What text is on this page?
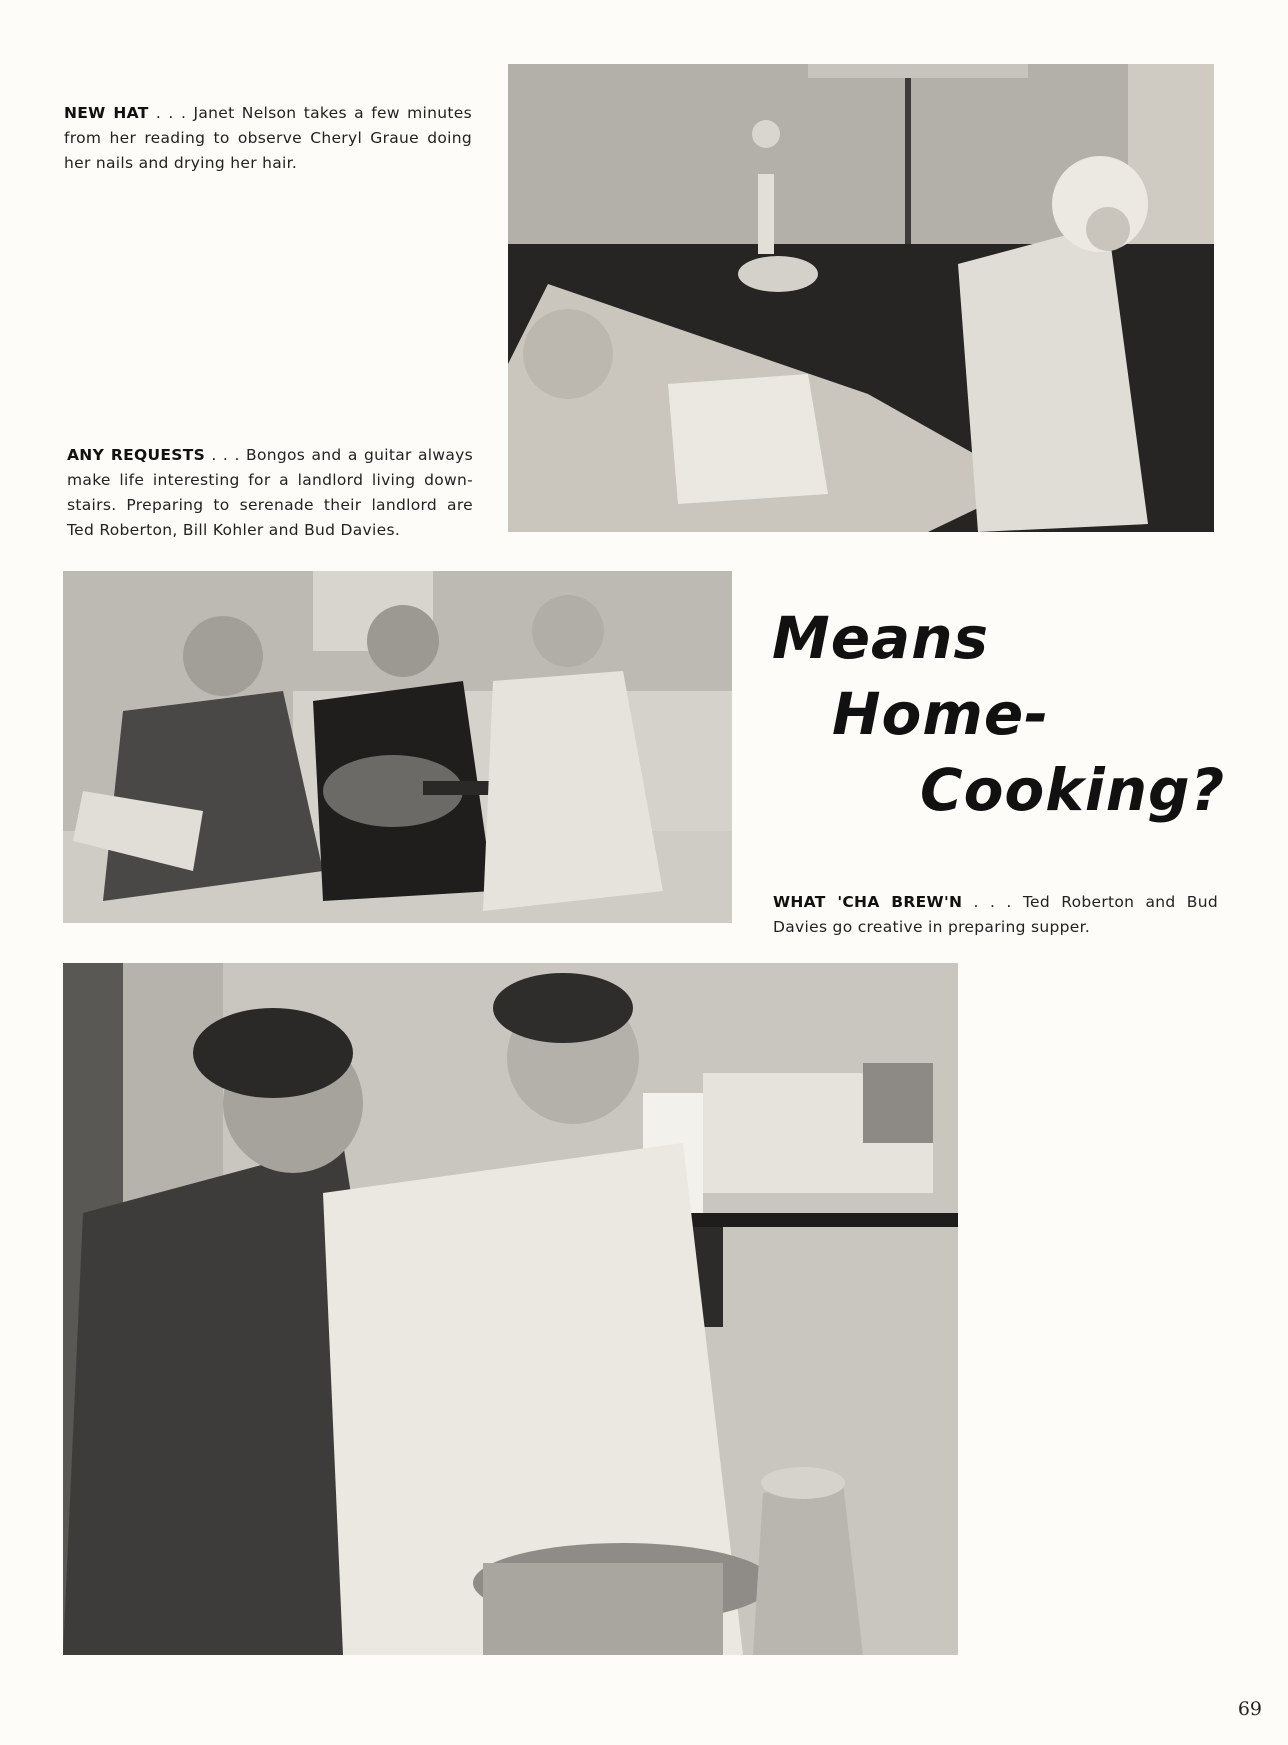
NEW HAT . . . Janet Nelson takes a few minutes from her reading to observe Cheryl Graue doing her nails and drying her hair.

ANY REQUESTS . . . Bongos and a guitar always make life interesting for a landlord living down-stairs. Preparing to serenade their landlord are Ted Roberton, Bill Kohler and Bud Davies.

Means
Home-
Cooking?

WHAT 'CHA BREW'N . . . Ted Roberton and Bud Davies go creative in preparing supper.

69
